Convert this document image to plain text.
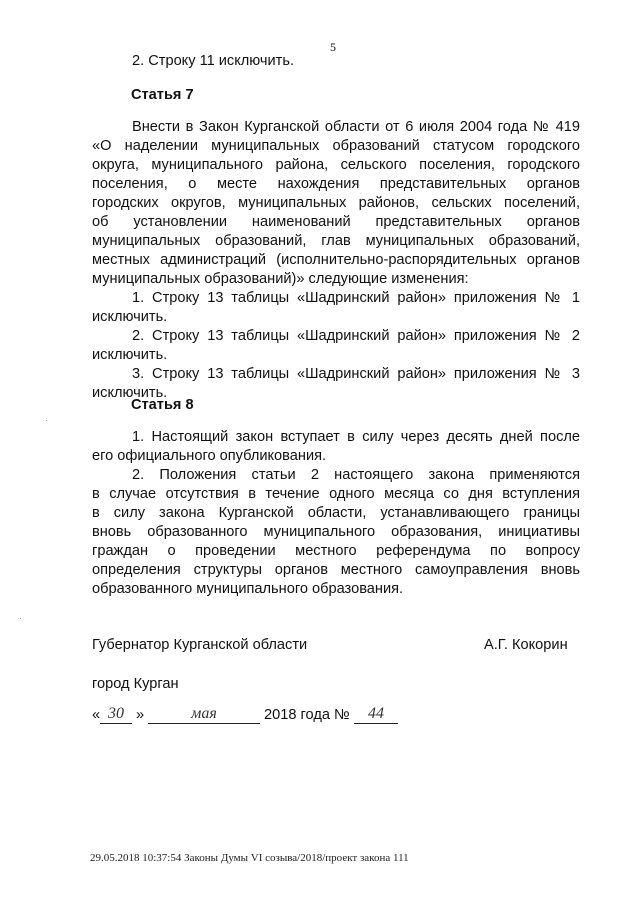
5
2. Строку 11 исключить.
Статья 7
Внести в Закон Курганской области от 6 июля 2004 года № 419
«О наделении муниципальных образований статусом городского
округа, муниципального района, сельского поселения, городского
поселения, о месте нахождения представительных органов
городских округов, муниципальных районов, сельских поселений,
об установлении наименований представительных органов
муниципальных образований, глав муниципальных образований,
местных администраций (исполнительно-распорядительных органов
муниципальных образований)» следующие изменения:
1. Строку 13 таблицы «Шадринский район» приложения № 1
исключить.
2. Строку 13 таблицы «Шадринский район» приложения № 2
исключить.
3. Строку 13 таблицы «Шадринский район» приложения № 3
исключить.
Статья 8
1. Настоящий закон вступает в силу через десять дней после
его официального опубликования.
2. Положения статьи 2 настоящего закона применяются
в случае отсутствия в течение одного месяца со дня вступления
в силу закона Курганской области, устанавливающего границы
вновь образованного муниципального образования, инициативы
граждан о проведении местного референдума по вопросу
определения структуры органов местного самоуправления вновь
образованного муниципального образования.
Губернатор Курганской области	А.Г. Кокорин
город Курган
« 30 »	мая	2018 года №	44
29.05.2018 10:37:54 Законы Думы VI созыва/2018/проект закона 111
